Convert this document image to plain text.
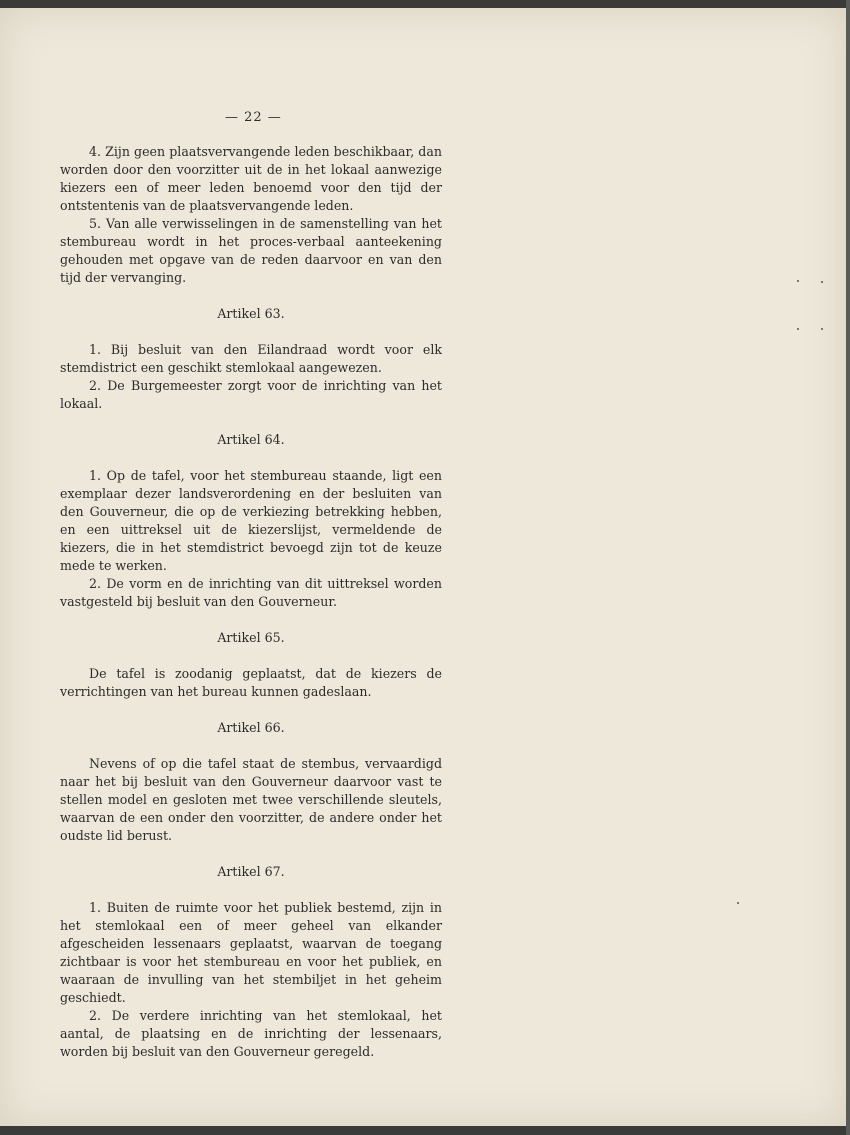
— 22 —

4. Zijn geen plaatsvervangende leden beschikbaar, dan worden door den voorzitter uit de in het lokaal aanwezige kiezers een of meer leden benoemd voor den tijd der ontstentenis van de plaatsvervangende leden.

5. Van alle verwisselingen in de samenstelling van het stembureau wordt in het proces-verbaal aanteekening gehouden met opgave van de reden daarvoor en van den tijd der vervanging.

Artikel 63.

1. Bij besluit van den Eilandraad wordt voor elk stemdistrict een geschikt stemlokaal aangewezen.

2. De Burgemeester zorgt voor de inrichting van het lokaal.

Artikel 64.

1. Op de tafel, voor het stembureau staande, ligt een exemplaar dezer landsverordening en der besluiten van den Gouverneur, die op de verkiezing betrekking hebben, en een uittreksel uit de kiezerslijst, vermeldende de kiezers, die in het stemdistrict bevoegd zijn tot de keuze mede te werken.

2. De vorm en de inrichting van dit uittreksel worden vastgesteld bij besluit van den Gouverneur.

Artikel 65.

De tafel is zoodanig geplaatst, dat de kiezers de verrichtingen van het bureau kunnen gadeslaan.

Artikel 66.

Nevens of op die tafel staat de stembus, vervaardigd naar het bij besluit van den Gouverneur daarvoor vast te stellen model en gesloten met twee verschillende sleutels, waarvan de een onder den voorzitter, de andere onder het oudste lid berust.

Artikel 67.

1. Buiten de ruimte voor het publiek bestemd, zijn in het stemlokaal een of meer geheel van elkander afgescheiden lessenaars geplaatst, waarvan de toegang zichtbaar is voor het stembureau en voor het publiek, en waaraan de invulling van het stembiljet in het geheim geschiedt.

2. De verdere inrichting van het stemlokaal, het aantal, de plaatsing en de inrichting der lessenaars, worden bij besluit van den Gouverneur geregeld.
